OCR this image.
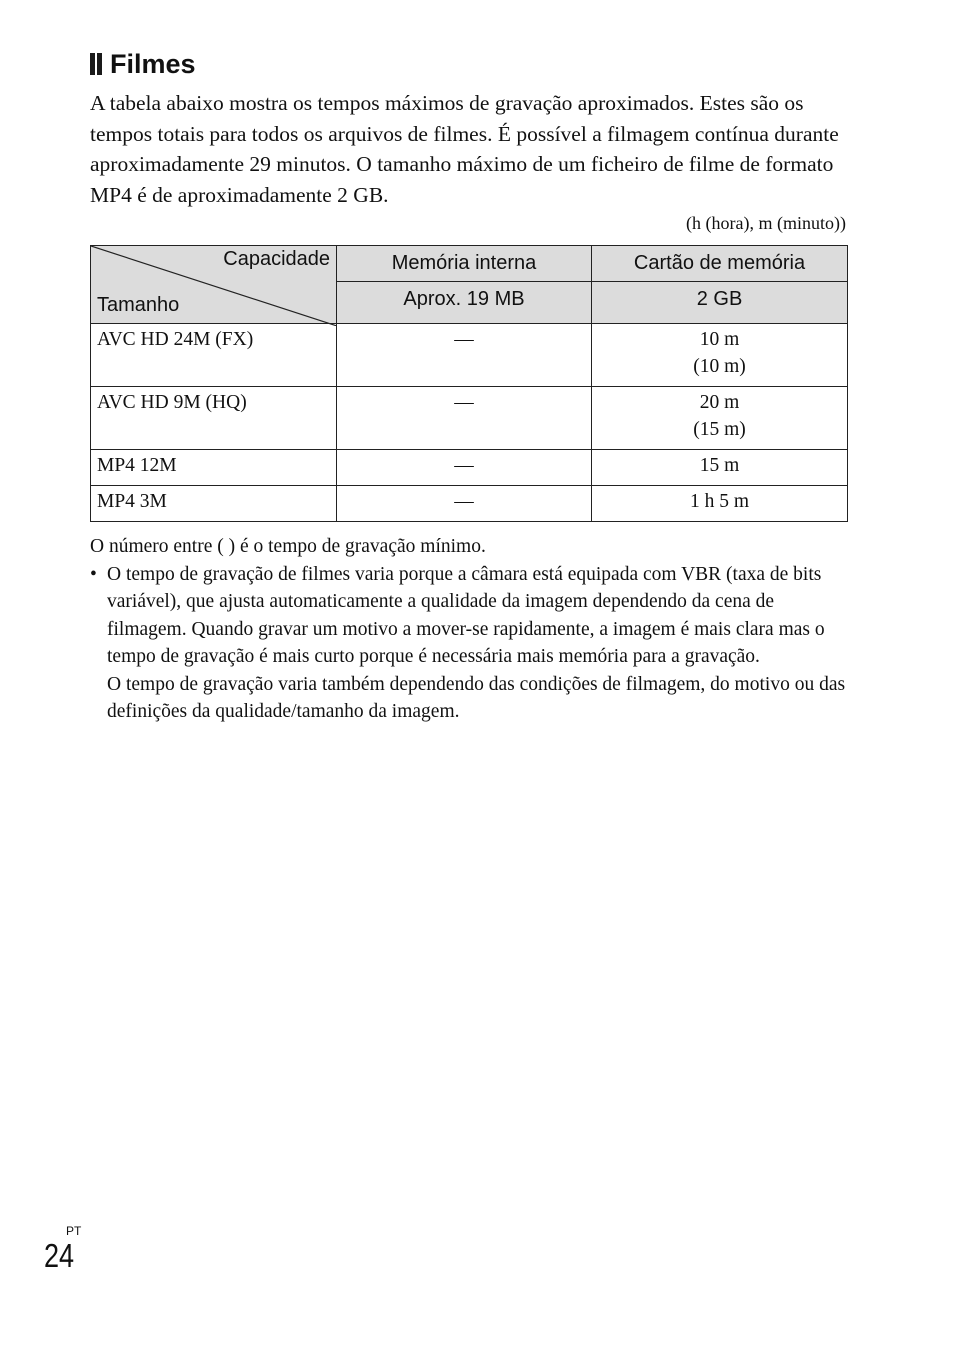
Filmes

A tabela abaixo mostra os tempos máximos de gravação aproximados. Estes são os tempos totais para todos os arquivos de filmes. É possível a filmagem contínua durante aproximadamente 29 minutos. O tamanho máximo de um ficheiro de filme de formato MP4 é de aproximadamente 2 GB.

(h (hora), m (minuto))
Capacidade
Tamanho	Memória interna	Cartão de memória
	Aprox. 19 MB	2 GB
AVC HD 24M (FX)	—	10 m
(10 m)

AVC HD 9M (HQ)	—	20 m
(15 m)

MP4 12M	—	15 m
MP4 3M	—	1 h 5 m

O número entre ( ) é o tempo de gravação mínimo.

• O tempo de gravação de filmes varia porque a câmara está equipada com VBR (taxa de bits variável), que ajusta automaticamente a qualidade da imagem dependendo da cena de filmagem. Quando gravar um motivo a mover-se rapidamente, a imagem é mais clara mas o tempo de gravação é mais curto porque é necessária mais memória para a gravação.

O tempo de gravação varia também dependendo das condições de filmagem, do motivo ou das definições da qualidade/tamanho da imagem.

PT
24
